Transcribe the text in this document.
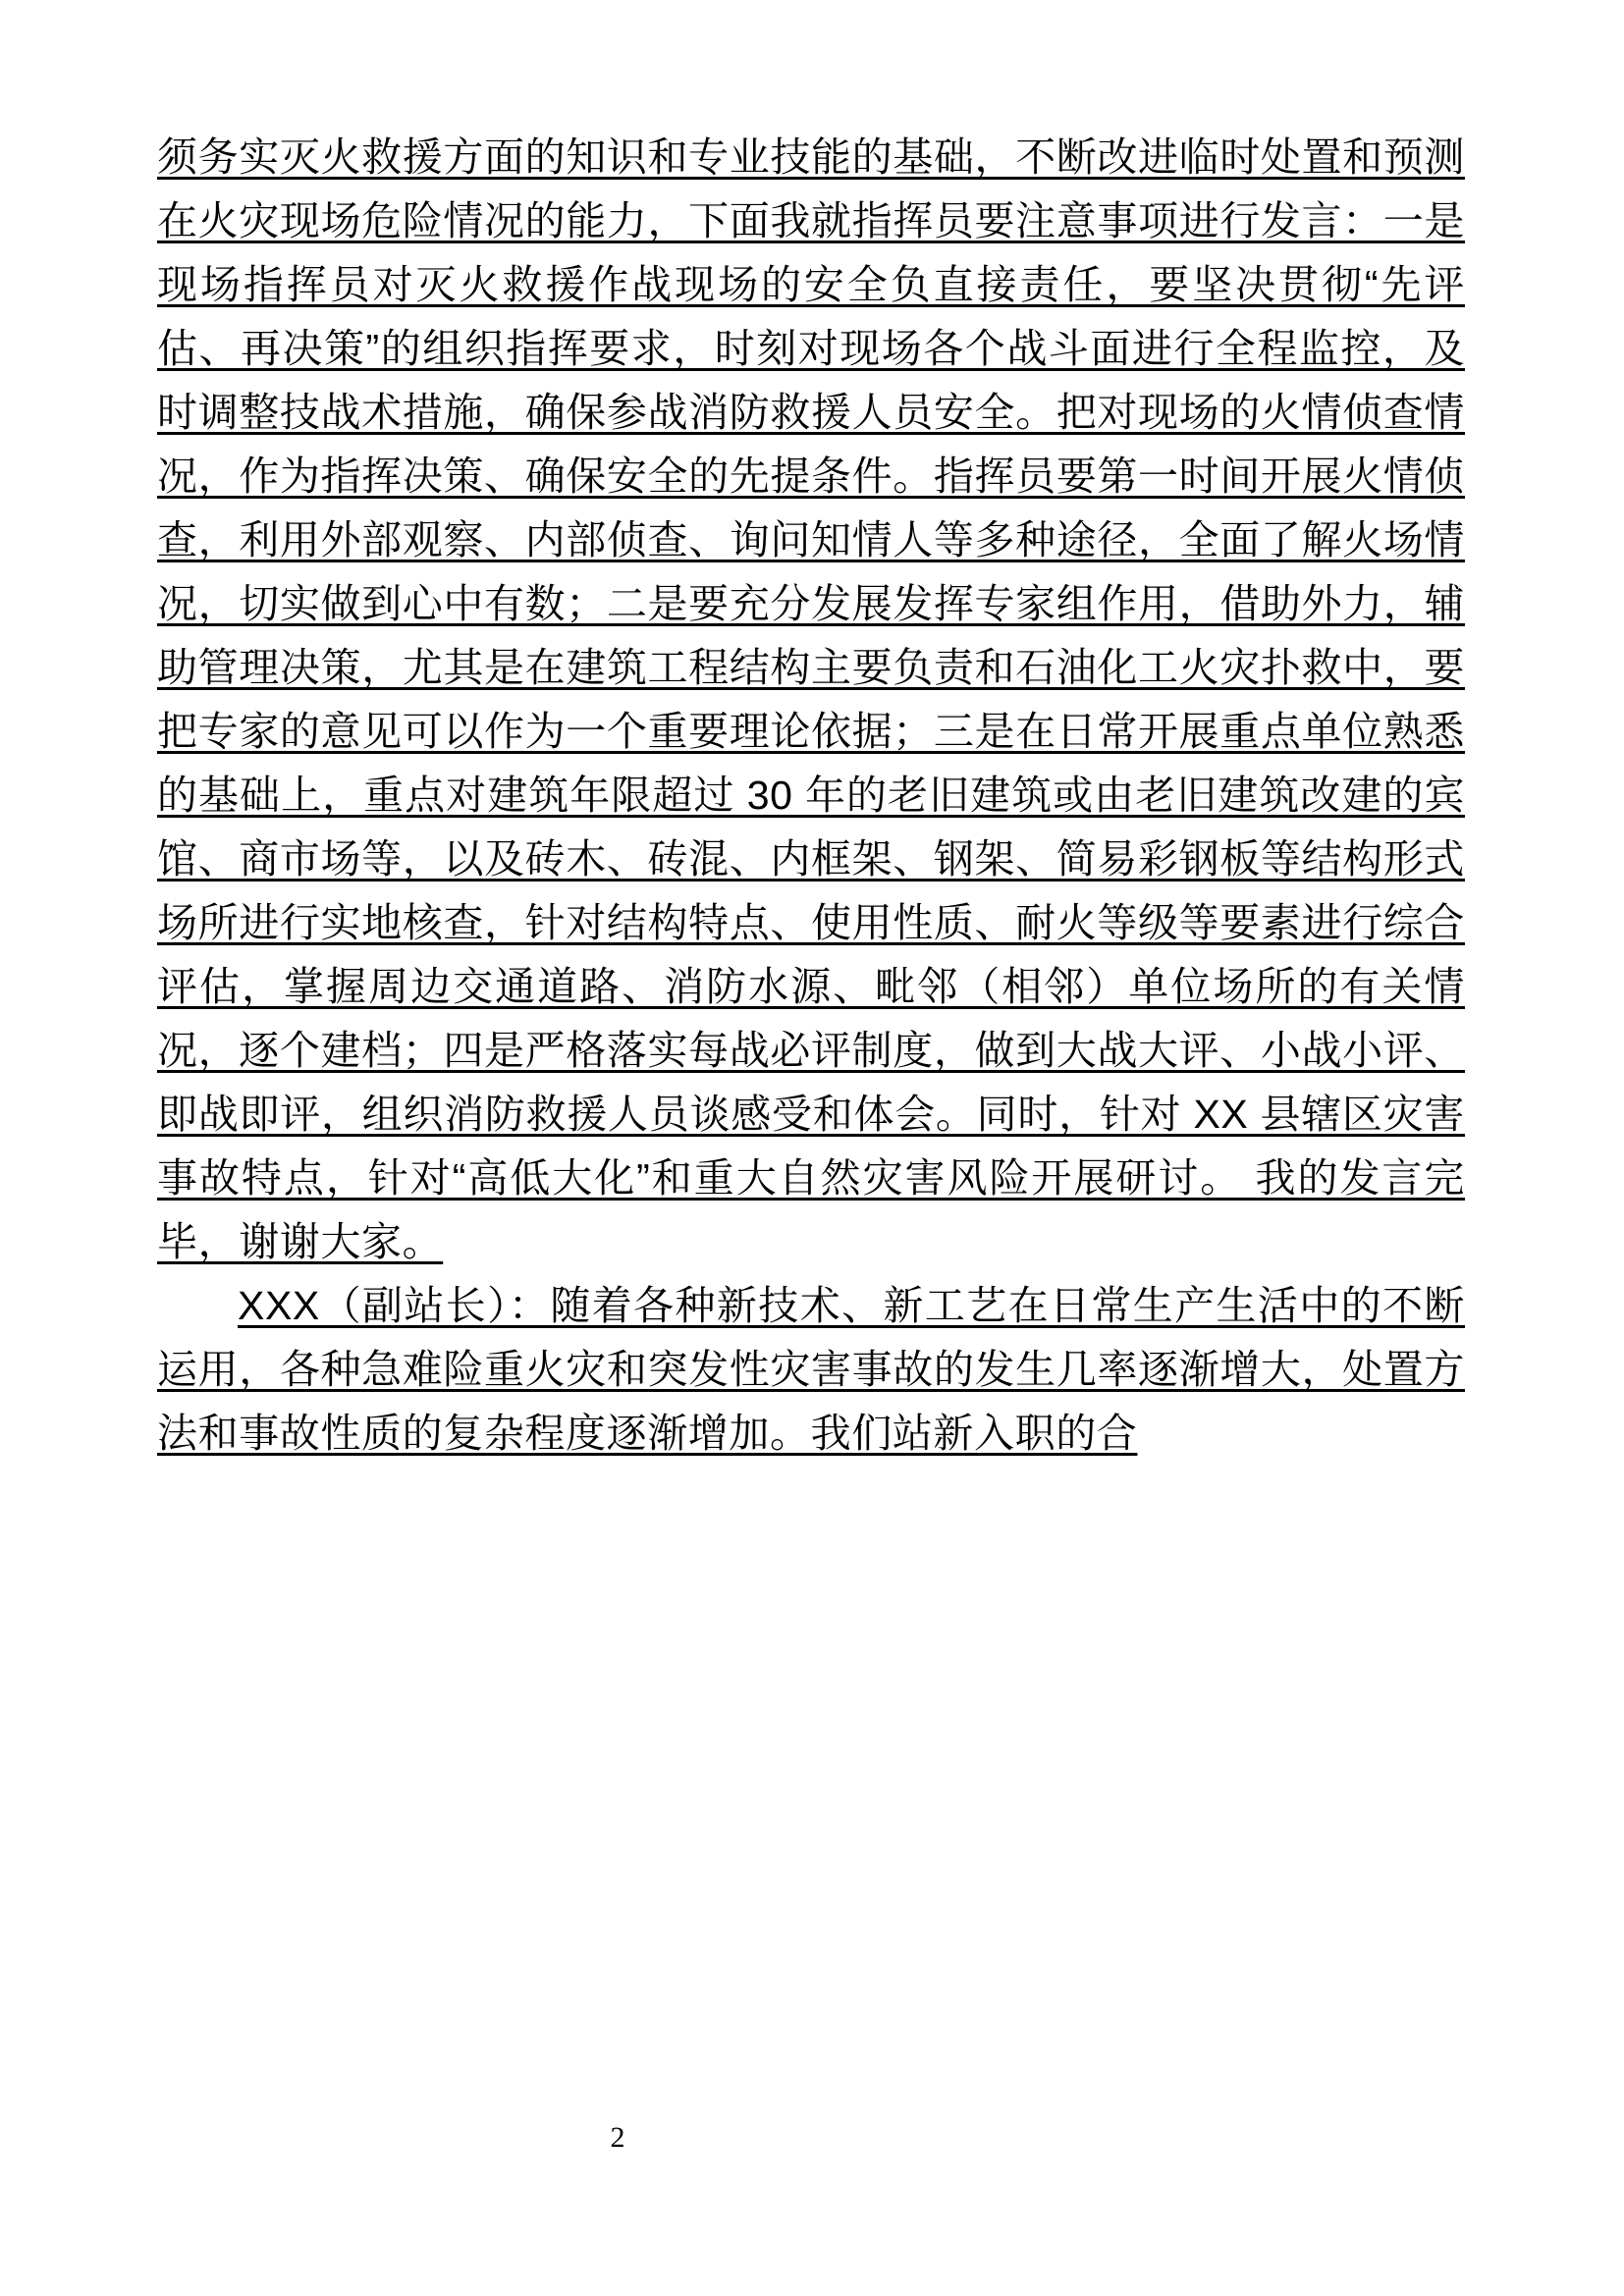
须务实灭火救援方面的知识和专业技能的基础，不断改进临时处置和预测在火灾现场危险情况的能力，下面我就指挥员要注意事项进行发言：一是现场指挥员对灭火救援作战现场的安全负直接责任，要坚决贯彻“先评估、再决策”的组织指挥要求，时刻对现场各个战斗面进行全程监控，及时调整技战术措施，确保参战消防救援人员安全。把对现场的火情侦查情况，作为指挥决策、确保安全的先提条件。指挥员要第一时间开展火情侦查，利用外部观察、内部侦查、询问知情人等多种途径，全面了解火场情况，切实做到心中有数；二是要充分发展发挥专家组作用，借助外力，辅助管理决策，尤其是在建筑工程结构主要负责和石油化工火灾扑救中，要把专家的意见可以作为一个重要理论依据；三是在日常开展重点单位熟悉的基础上，重点对建筑年限超过 30 年的老旧建筑或由老旧建筑改建的宾馆、商市场等，以及砖木、砖混、内框架、钢架、简易彩钢板等结构形式场所进行实地核查，针对结构特点、使用性质、耐火等级等要素进行综合评估，掌握周边交通道路、消防水源、毗邻（相邻）单位场所的有关情况，逐个建档；四是严格落实每战必评制度，做到大战大评、小战小评、即战即评，组织消防救援人员谈感受和体会。同时，针对 XX 县辖区灾害事故特点，针对“高低大化”和重大自然灾害风险开展研讨。 我的发言完毕，谢谢大家。

XXX（副站长）：随着各种新技术、新工艺在日常生产生活中的不断运用，各种急难险重火灾和突发性灾害事故的发生几率逐渐增大，处置方法和事故性质的复杂程度逐渐增加。我们站新入职的合

2
